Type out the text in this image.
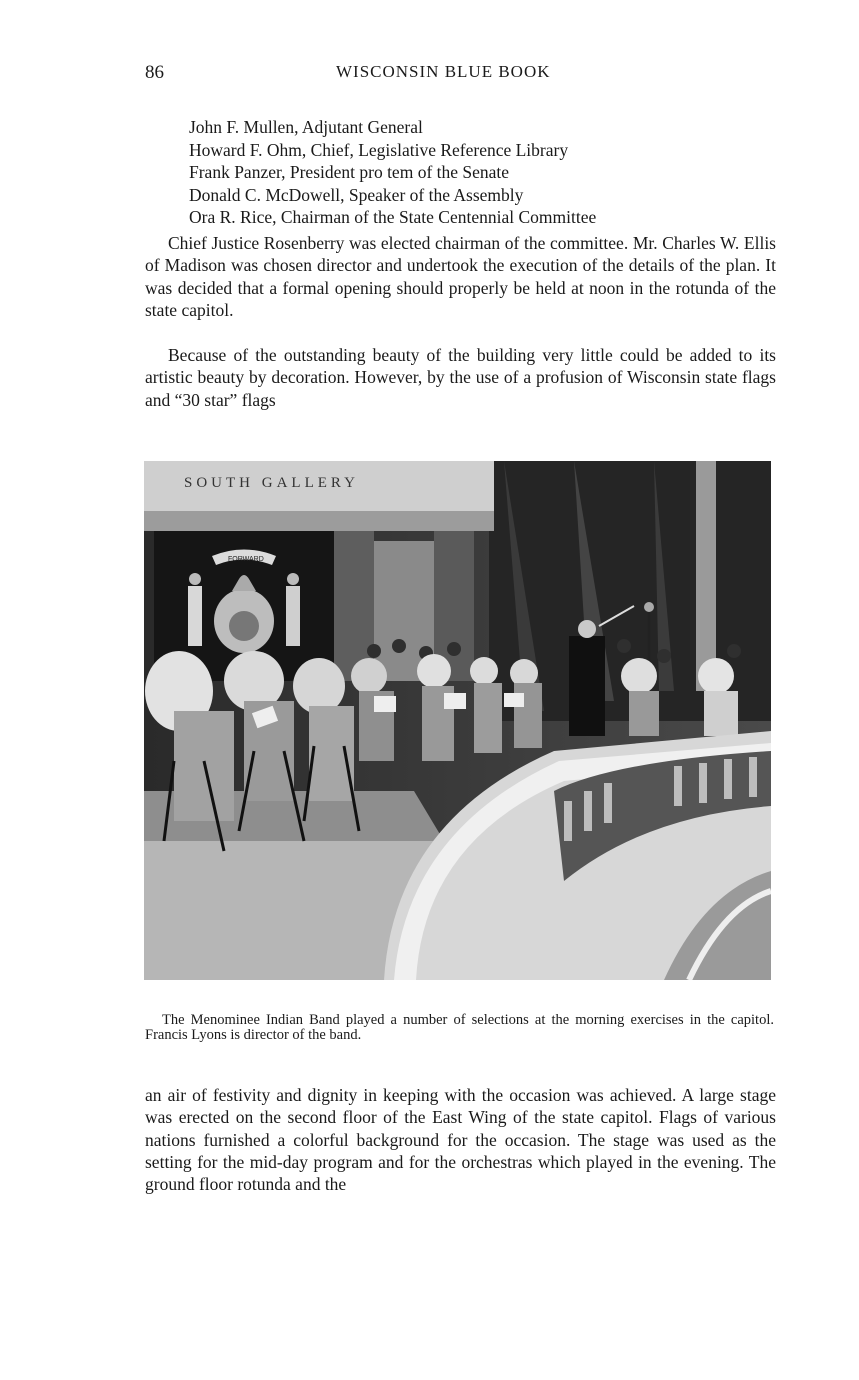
86	WISCONSIN BLUE BOOK
John F. Mullen, Adjutant General
Howard F. Ohm, Chief, Legislative Reference Library
Frank Panzer, President pro tem of the Senate
Donald C. McDowell, Speaker of the Assembly
Ora R. Rice, Chairman of the State Centennial Committee

Chief Justice Rosenberry was elected chairman of the committee. Mr. Charles W. Ellis of Madison was chosen director and undertook the execution of the details of the plan. It was decided that a formal opening should properly be held at noon in the rotunda of the state capitol.

Because of the outstanding beauty of the building very little could be added to its artistic beauty by decoration. However, by the use of a profusion of Wisconsin state flags and “30 star” flags

SOUTH GALLERY
FORWARD

The Menominee Indian Band played a number of selections at the morning exercises in the capitol. Francis Lyons is director of the band.

an air of festivity and dignity in keeping with the occasion was achieved. A large stage was erected on the second floor of the East Wing of the state capitol. Flags of various nations furnished a colorful background for the occasion. The stage was used as the setting for the mid-day program and for the orchestras which played in the evening. The ground floor rotunda and the
